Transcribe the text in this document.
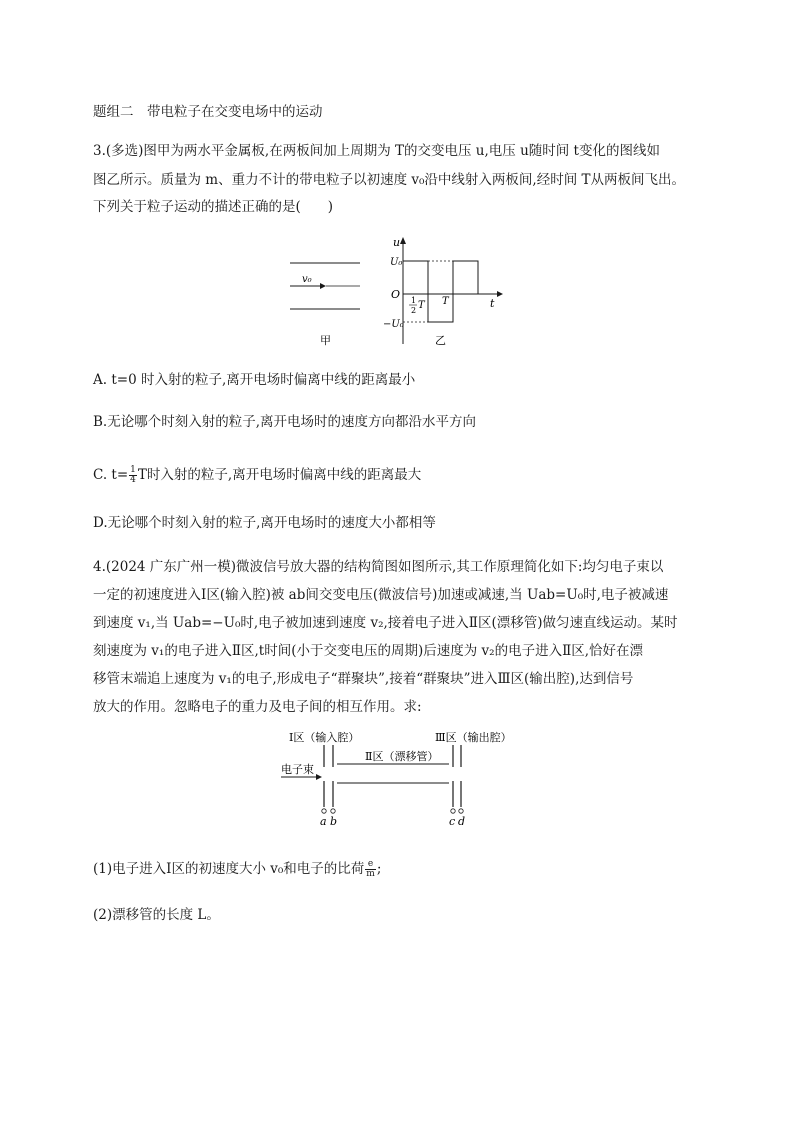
题组二　带电粒子在交变电场中的运动
3.(多选)图甲为两水平金属板,在两板间加上周期为 T的交变电压 u,电压 u随时间 t变化的图线如
图乙所示。质量为 m、重力不计的带电粒子以初速度 v₀沿中线射入两板间,经时间 T从两板间飞出。
下列关于粒子运动的描述正确的是(　　)
v₀
甲
u
t
U₀
−U₀
O 1
2 T T
乙
A. t=0 时入射的粒子,离开电场时偏离中线的距离最小
B.无论哪个时刻入射的粒子,离开电场时的速度方向都沿水平方向
C. $t= \frac{1}{4}$ T时入射的粒子,离开电场时偏离中线的距离最大
D.无论哪个时刻入射的粒子,离开电场时的速度大小都相等
4.(2024 广东广州一模)微波信号放大器的结构简图如图所示,其工作原理简化如下:均匀电子束以
一定的初速度进入Ⅰ区(输入腔)被 ab间交变电压(微波信号)加速或减速,当 Uab=U₀时,电子被减速
到速度 v₁,当 Uab=−U₀时,电子被加速到速度 v₂,接着电子进入Ⅱ区(漂移管)做匀速直线运动。某时
刻速度为 v₁的电子进入Ⅱ区,t时间(小于交变电压的周期)后速度为 v₂的电子进入Ⅱ区,恰好在漂
移管末端追上速度为 v₁的电子,形成电子“群聚块”,接着“群聚块”进入Ⅲ区(输出腔),达到信号
放大的作用。忽略电子的重力及电子间的相互作用。求:
Ⅰ区（输入腔）	Ⅲ区（输出腔）
Ⅱ区（漂移管）
电子束
a b	c d
(1)电子进入Ⅰ区的初速度大小 v₀和电子的比荷 $\frac{e}{m}$ ;
(2)漂移管的长度 L。
